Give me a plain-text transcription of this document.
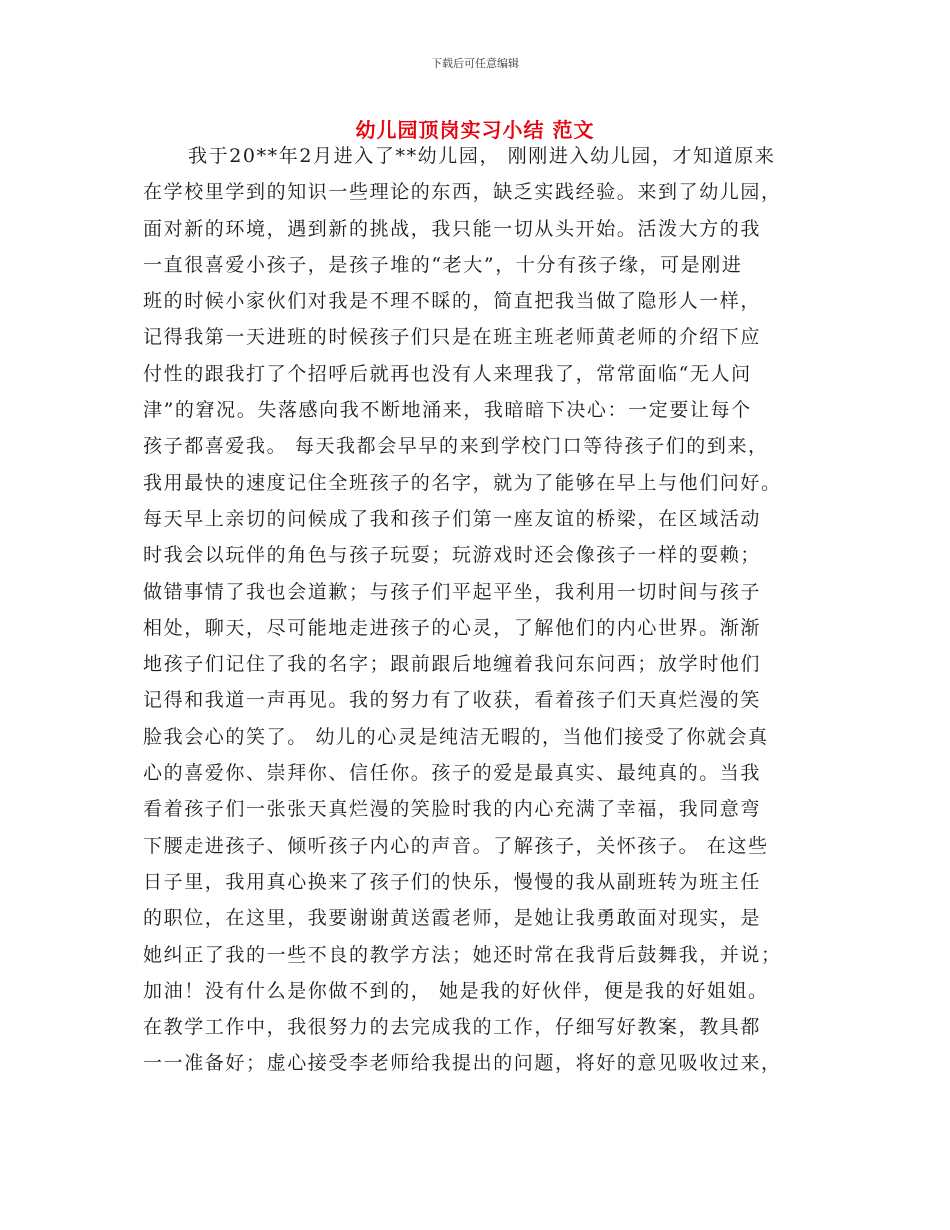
下载后可任意编辑
幼儿园顶岗实习小结 范文
我于20**年2月进入了**幼儿园， 刚刚进入幼儿园，才知道原来
在学校里学到的知识一些理论的东西，缺乏实践经验。来到了幼儿园，
面对新的环境，遇到新的挑战，我只能一切从头开始。活泼大方的我
一直很喜爱小孩子，是孩子堆的“老大”，十分有孩子缘，可是刚进
班的时候小家伙们对我是不理不睬的，简直把我当做了隐形人一样，
记得我第一天进班的时候孩子们只是在班主班老师黄老师的介绍下应
付性的跟我打了个招呼后就再也没有人来理我了，常常面临“无人问
津”的窘况。失落感向我不断地涌来，我暗暗下决心：一定要让每个
孩子都喜爱我。 每天我都会早早的来到学校门口等待孩子们的到来，
我用最快的速度记住全班孩子的名字，就为了能够在早上与他们问好。
每天早上亲切的问候成了我和孩子们第一座友谊的桥梁，在区域活动
时我会以玩伴的角色与孩子玩耍；玩游戏时还会像孩子一样的耍赖；
做错事情了我也会道歉；与孩子们平起平坐，我利用一切时间与孩子
相处，聊天，尽可能地走进孩子的心灵，了解他们的内心世界。渐渐
地孩子们记住了我的名字；跟前跟后地缠着我问东问西；放学时他们
记得和我道一声再见。我的努力有了收获，看着孩子们天真烂漫的笑
脸我会心的笑了。 幼儿的心灵是纯洁无暇的，当他们接受了你就会真
心的喜爱你、崇拜你、信任你。孩子的爱是最真实、最纯真的。当我
看着孩子们一张张天真烂漫的笑脸时我的内心充满了幸福，我同意弯
下腰走进孩子、倾听孩子内心的声音。了解孩子，关怀孩子。 在这些
日子里，我用真心换来了孩子们的快乐，慢慢的我从副班转为班主任
的职位，在这里，我要谢谢黄送霞老师，是她让我勇敢面对现实，是
她纠正了我的一些不良的教学方法；她还时常在我背后鼓舞我，并说；
加油！没有什么是你做不到的， 她是我的好伙伴，便是我的好姐姐。
在教学工作中，我很努力的去完成我的工作，仔细写好教案，教具都
一一准备好；虚心接受李老师给我提出的问题，将好的意见吸收过来，
